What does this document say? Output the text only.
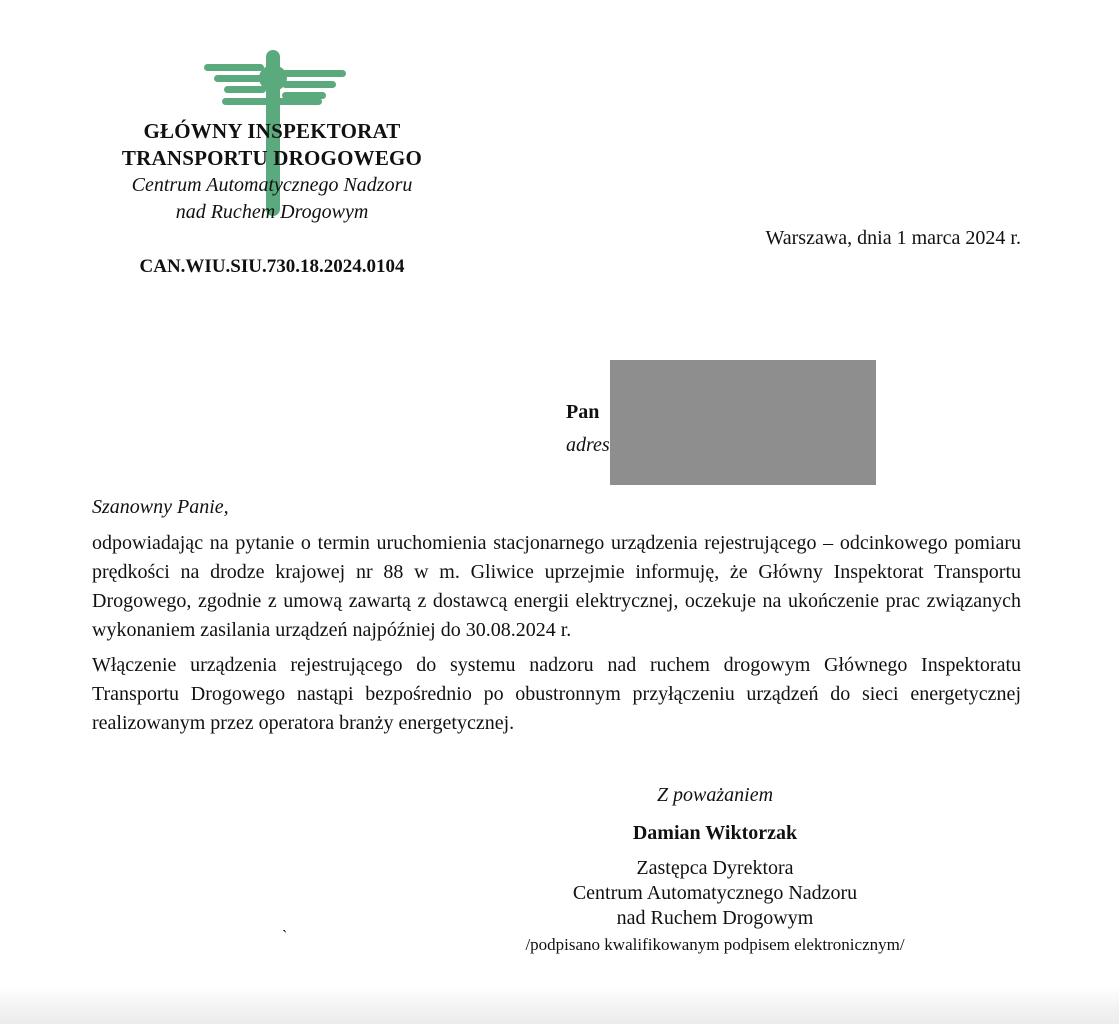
GŁÓWNY INSPEKTORAT
TRANSPORTU DROGOWEGO
Centrum Automatycznego Nadzoru
nad Ruchem Drogowym
CAN.WIU.SIU.730.18.2024.0104
Warszawa, dnia 1 marca 2024 r.
Pan
adres
Szanowny Panie,

odpowiadając na pytanie o termin uruchomienia stacjonarnego urządzenia rejestrującego – odcinkowego pomiaru prędkości na drodze krajowej nr 88 w m. Gliwice uprzejmie informuję, że Główny Inspektorat Transportu Drogowego, zgodnie z umową zawartą z dostawcą energii elektrycznej, oczekuje na ukończenie prac związanych wykonaniem zasilania urządzeń najpóźniej do 30.08.2024 r.

Włączenie urządzenia rejestrującego do systemu nadzoru nad ruchem drogowym Głównego Inspektoratu Transportu Drogowego nastąpi bezpośrednio po obustronnym przyłączeniu urządzeń do sieci energetycznej realizowanym przez operatora branży energetycznej.

Z poważaniem
Damian Wiktorzak
Zastępca Dyrektora
Centrum Automatycznego Nadzoru
nad Ruchem Drogowym
`	/podpisano kwalifikowanym podpisem elektronicznym/
